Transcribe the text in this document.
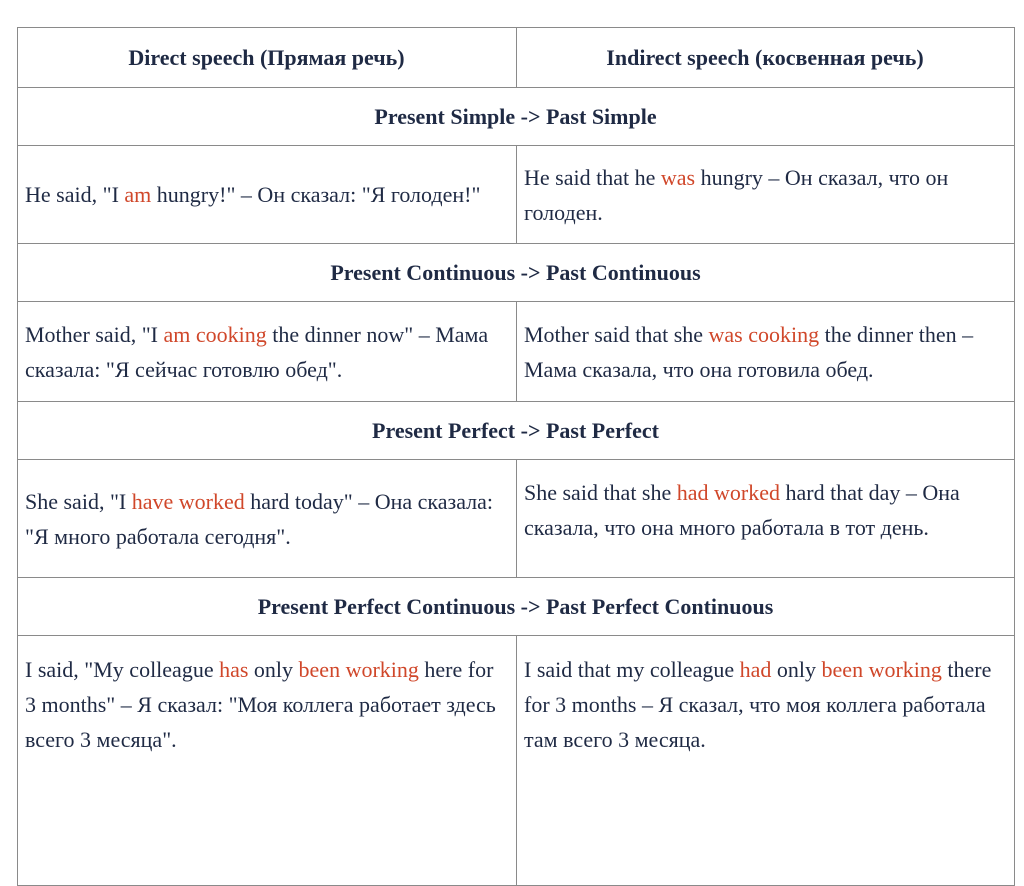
Direct speech (Прямая речь)	Indirect speech (косвенная речь)
Present Simple -> Past Simple
He said, "I am hungry!" – Он сказал: "Я голоден!"
He said that he was hungry – Он сказал, что он голоден.
Present Continuous -> Past Continuous
Mother said, "I am cooking the dinner now" – Мама сказала: "Я сейчас готовлю обед".
Mother said that she was cooking the dinner then – Мама сказала, что она готовила обед.
Present Perfect -> Past Perfect
She said, "I have worked hard today" – Она сказала: "Я много работала сегодня".
She said that she had worked hard that day – Она сказала, что она много работала в тот день.
Present Perfect Continuous -> Past Perfect Continuous
I said, "My colleague has only been working here for 3 months" – Я сказал: "Моя коллега работает здесь всего 3 месяца".
I said that my colleague had only been working there for 3 months – Я сказал, что моя коллега работала там всего 3 месяца.
